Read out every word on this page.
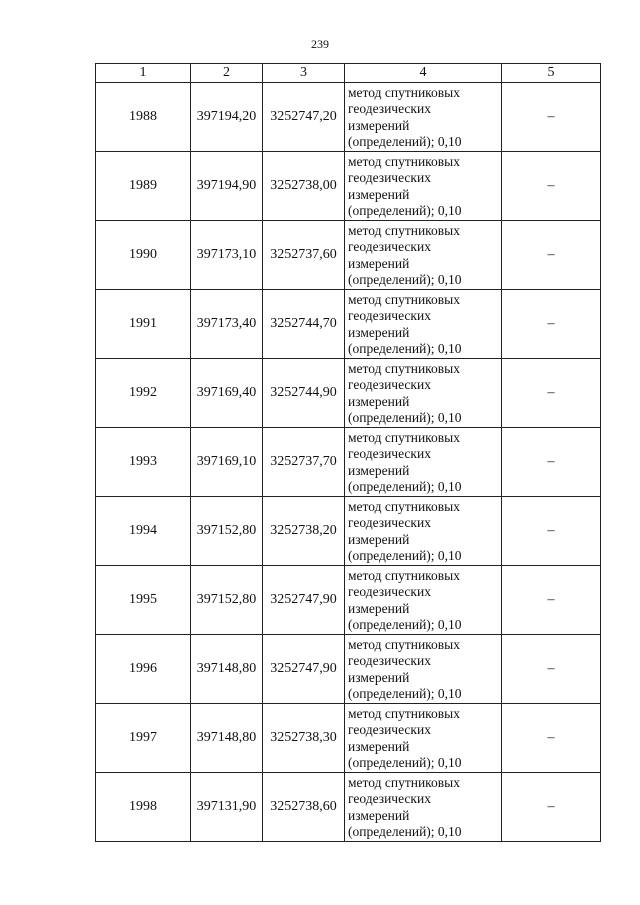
239
1	2	3	4	5
1988	397194,20	3252747,20	метод спутниковых
геодезических
измерений
(определений); 0,10	–
1989	397194,90	3252738,00	метод спутниковых
геодезических
измерений
(определений); 0,10	–
1990	397173,10	3252737,60	метод спутниковых
геодезических
измерений
(определений); 0,10	–
1991	397173,40	3252744,70	метод спутниковых
геодезических
измерений
(определений); 0,10	–
1992	397169,40	3252744,90	метод спутниковых
геодезических
измерений
(определений); 0,10	–
1993	397169,10	3252737,70	метод спутниковых
геодезических
измерений
(определений); 0,10	–
1994	397152,80	3252738,20	метод спутниковых
геодезических
измерений
(определений); 0,10	–
1995	397152,80	3252747,90	метод спутниковых
геодезических
измерений
(определений); 0,10	–
1996	397148,80	3252747,90	метод спутниковых
геодезических
измерений
(определений); 0,10	–
1997	397148,80	3252738,30	метод спутниковых
геодезических
измерений
(определений); 0,10	–
1998	397131,90	3252738,60	метод спутниковых
геодезических
измерений
(определений); 0,10	–
